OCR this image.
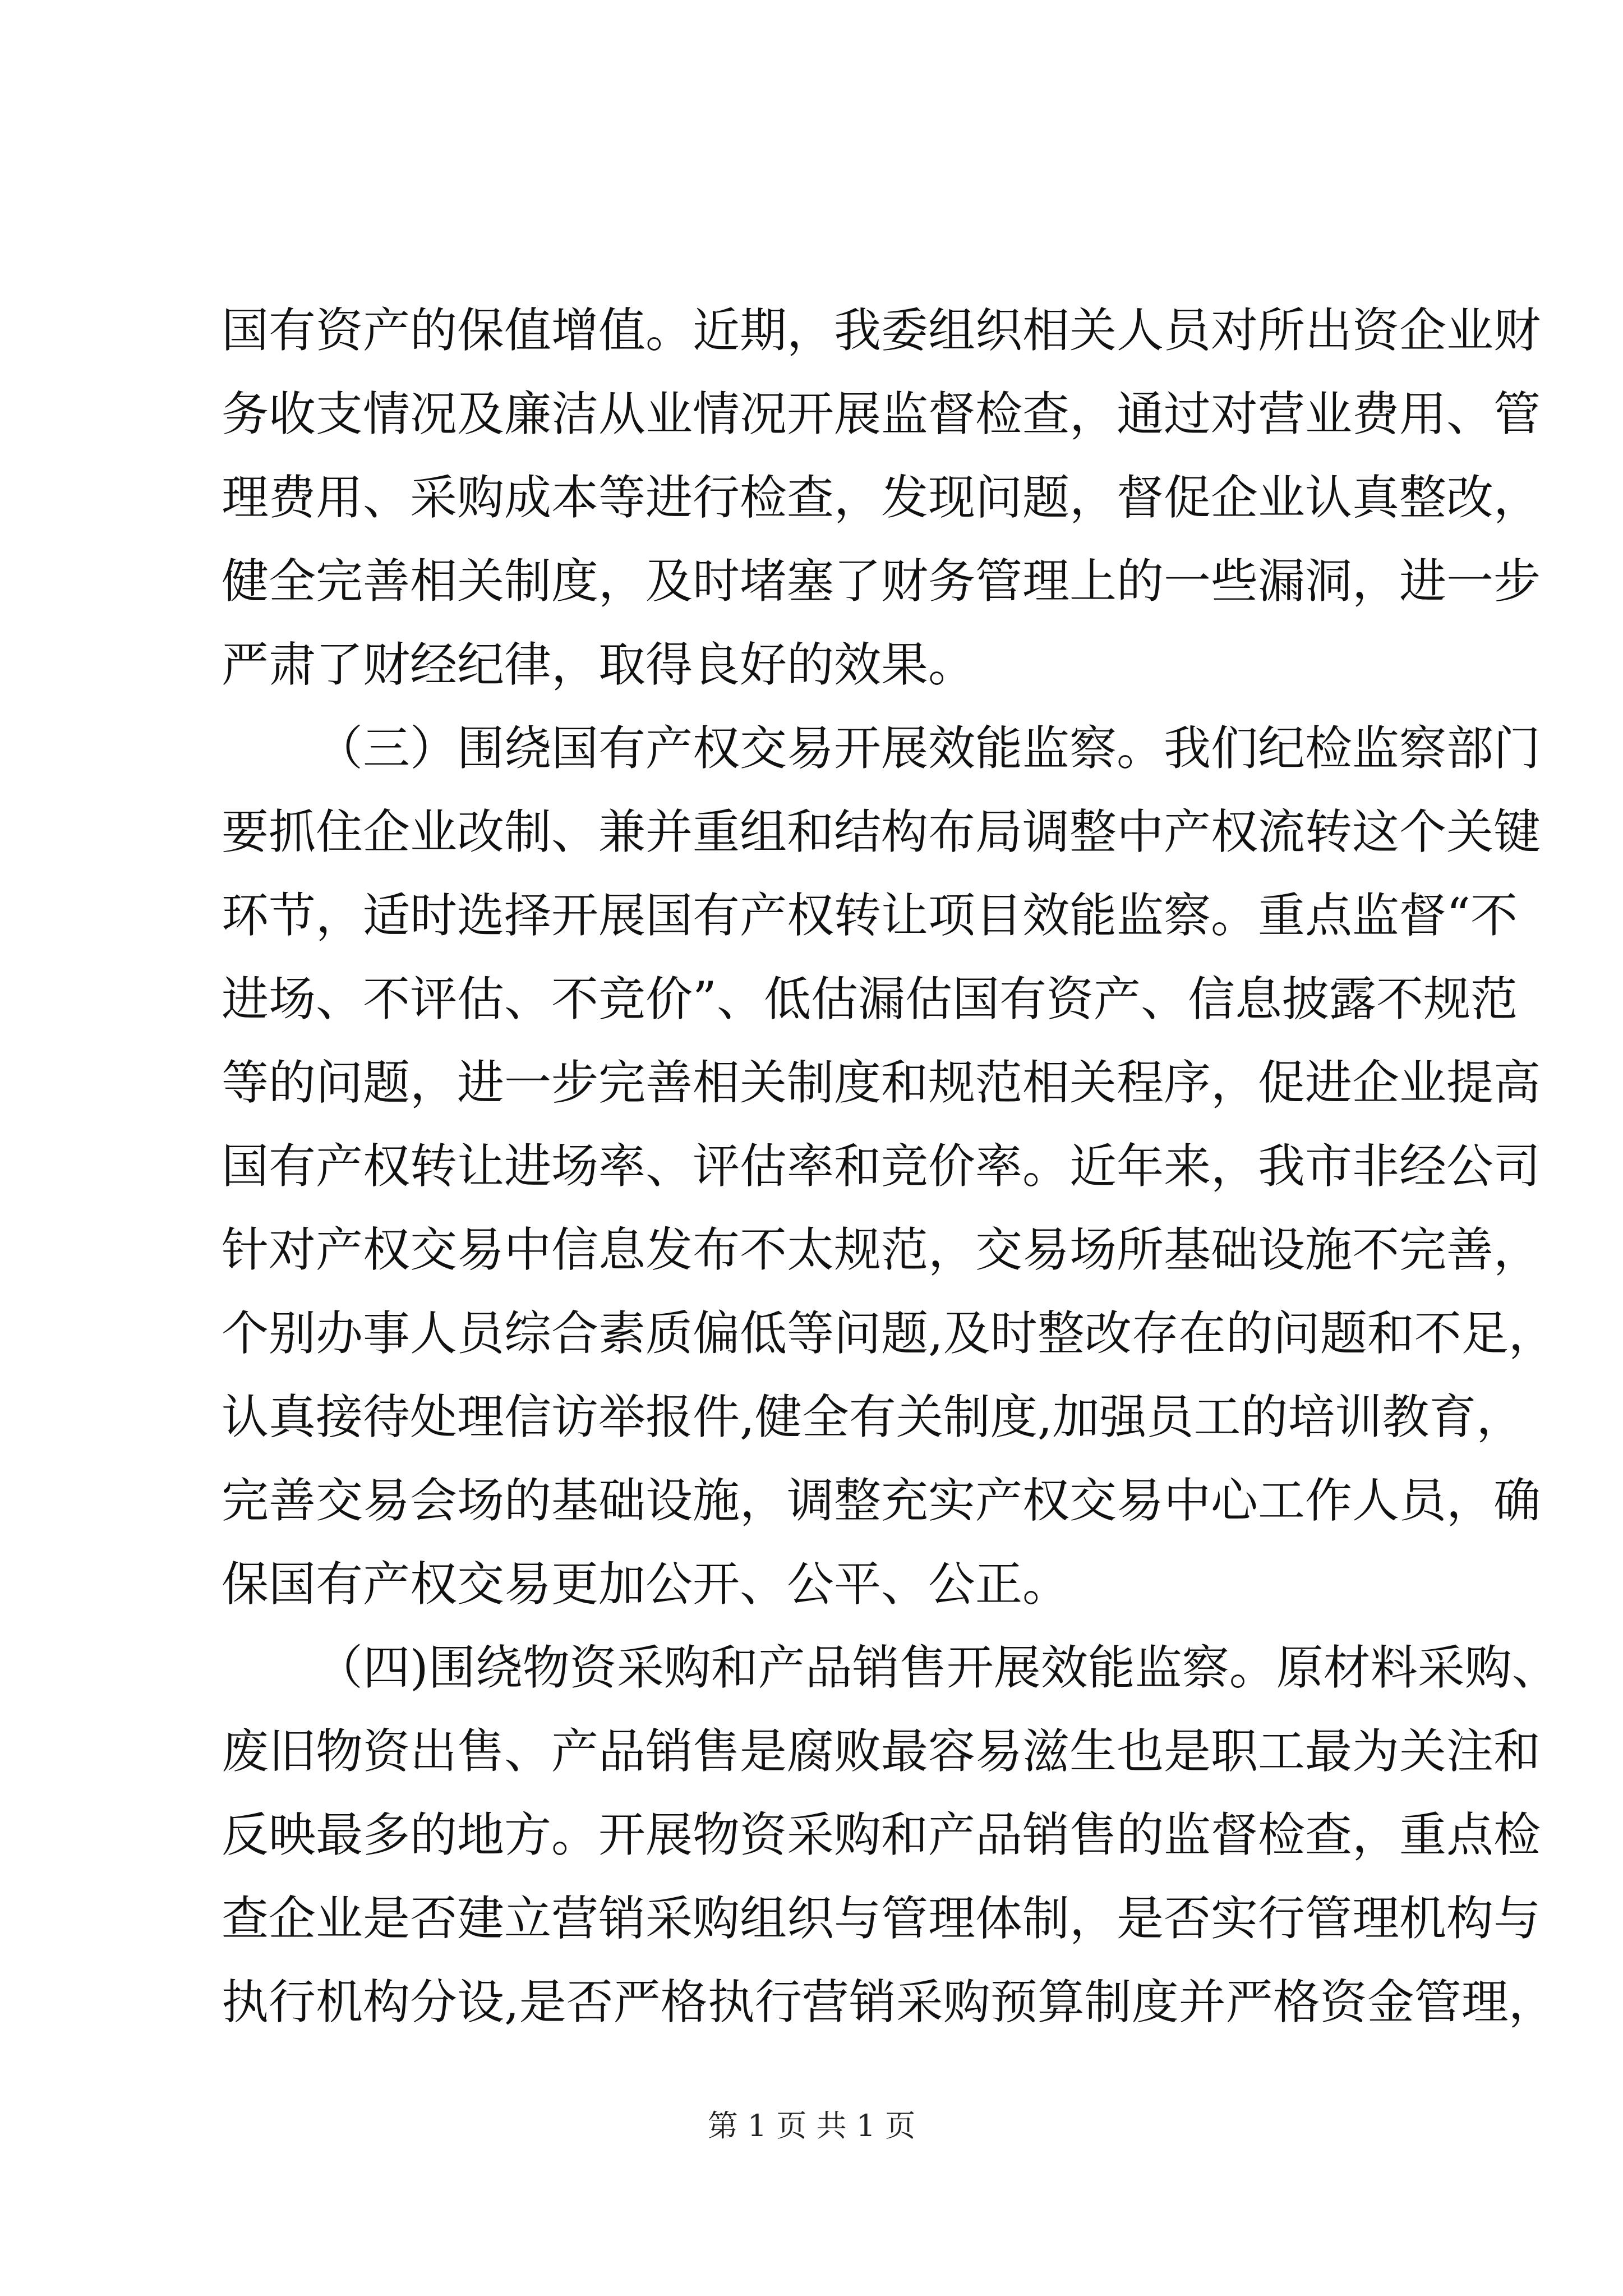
国有资产的保值增值。近期，我委组织相关人员对所出资企业财
务收支情况及廉洁从业情况开展监督检查，通过对营业费用、管
理费用、采购成本等进行检查，发现问题，督促企业认真整改，
健全完善相关制度，及时堵塞了财务管理上的一些漏洞，进一步
严肃了财经纪律，取得良好的效果。
（三）围绕国有产权交易开展效能监察。我们纪检监察部门
要抓住企业改制、兼并重组和结构布局调整中产权流转这个关键
环节，适时选择开展国有产权转让项目效能监察。重点监督“不
进场、不评估、不竞价”、低估漏估国有资产、信息披露不规范
等的问题，进一步完善相关制度和规范相关程序，促进企业提高
国有产权转让进场率、评估率和竞价率。近年来，我市非经公司
针对产权交易中信息发布不太规范，交易场所基础设施不完善，
个别办事人员综合素质偏低等问题,及时整改存在的问题和不足，
认真接待处理信访举报件,健全有关制度,加强员工的培训教育，
完善交易会场的基础设施，调整充实产权交易中心工作人员，确
保国有产权交易更加公开、公平、公正。
（四)围绕物资采购和产品销售开展效能监察。原材料采购、
废旧物资出售、产品销售是腐败最容易滋生也是职工最为关注和
反映最多的地方。开展物资采购和产品销售的监督检查，重点检
查企业是否建立营销采购组织与管理体制，是否实行管理机构与
执行机构分设,是否严格执行营销采购预算制度并严格资金管理，
第 1 页 共 1 页
